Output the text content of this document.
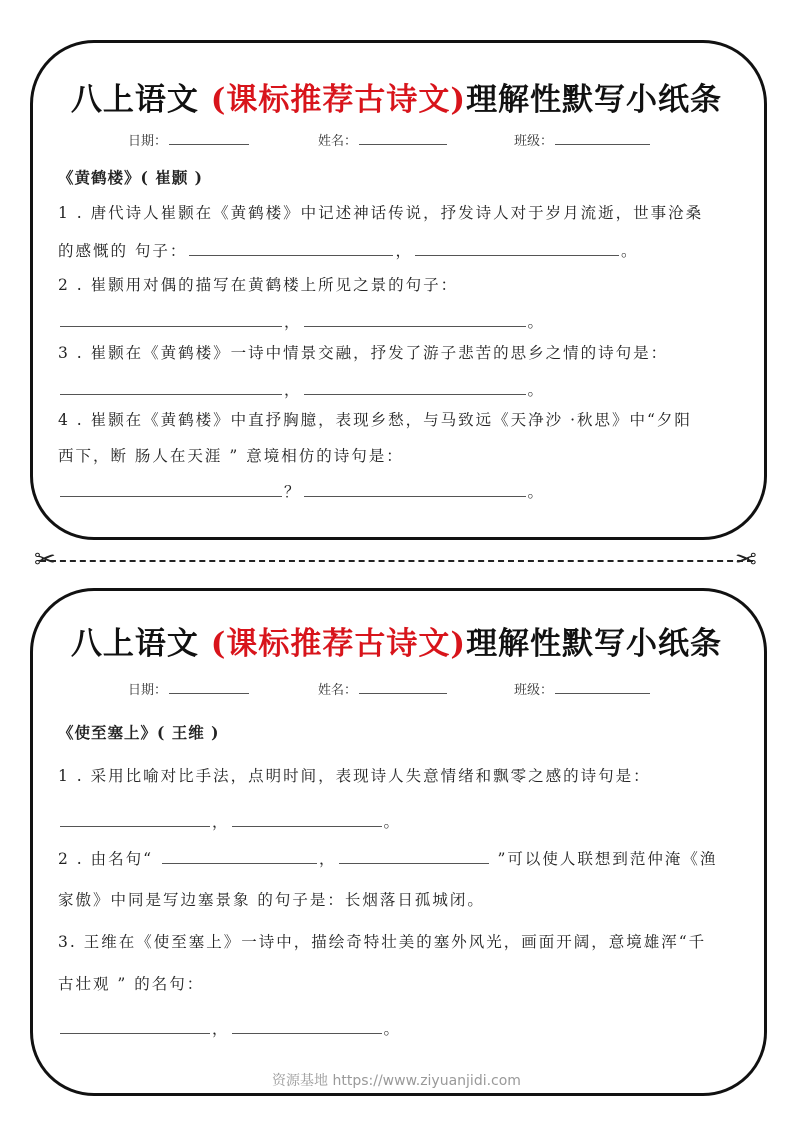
八上语文 (课标推荐古诗文)理解性默写小纸条
日期：	姓名：	班级：
《黄鹤楼》( 崔颢 )
1 . 唐代诗人崔颢在《黄鹤楼》中记述神话传说，抒发诗人对于岁月流逝，世事沧桑
的感慨的 句子：	，	。
2 . 崔颢用对偶的描写在黄鹤楼上所见之景的句子：
，	。
3 . 崔颢在《黄鹤楼》一诗中情景交融，抒发了游子悲苦的思乡之情的诗句是：
，	。
4 . 崔颢在《黄鹤楼》中直抒胸臆，表现乡愁，与马致远《天净沙 ·秋思》中“夕阳
西下，断 肠人在天涯 ” 意境相仿的诗句是：
？	。
✂	✂
八上语文 (课标推荐古诗文)理解性默写小纸条
日期：	姓名：	班级：
《使至塞上》( 王维 )
1 . 采用比喻对比手法，点明时间，表现诗人失意情绪和飘零之感的诗句是：
，	。
2 . 由名句“	，	”可以使人联想到范仲淹《渔
家傲》中同是写边塞景象 的句子是：长烟落日孤城闭。
3. 王维在《使至塞上》一诗中，描绘奇特壮美的塞外风光，画面开阔，意境雄浑“千
古壮观 ” 的名句：
，	。
资源基地 https://www.ziyuanjidi.com
